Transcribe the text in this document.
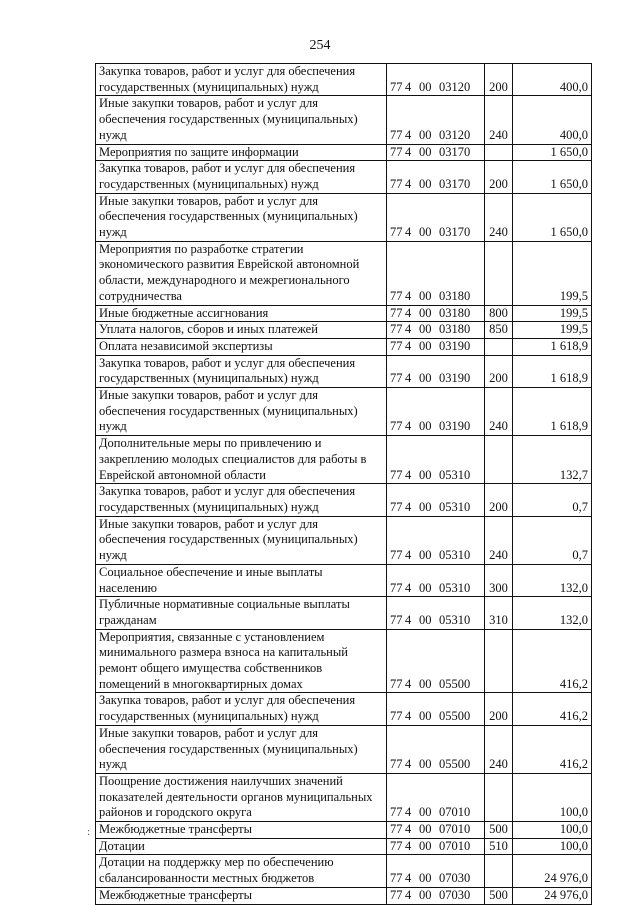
254
Закупка товаров, работ и услуг для обеспечения государственных (муниципальных) нужд	77 4 00 03120	200	400,0
Иные закупки товаров, работ и услуг для обеспечения государственных (муниципальных) нужд	77 4 00 03120	240	400,0
Мероприятия по защите информации	77 4 00 03170		1 650,0
Закупка товаров, работ и услуг для обеспечения государственных (муниципальных) нужд	77 4 00 03170	200	1 650,0
Иные закупки товаров, работ и услуг для обеспечения государственных (муниципальных) нужд	77 4 00 03170	240	1 650,0
Мероприятия по разработке стратегии экономического развития Еврейской автономной области, международного и межрегионального сотрудничества	77 4 00 03180		199,5
Иные бюджетные ассигнования	77 4 00 03180	800	199,5
Уплата налогов, сборов и иных платежей	77 4 00 03180	850	199,5
Оплата независимой экспертизы	77 4 00 03190		1 618,9
Закупка товаров, работ и услуг для обеспечения государственных (муниципальных) нужд	77 4 00 03190	200	1 618,9
Иные закупки товаров, работ и услуг для обеспечения государственных (муниципальных) нужд	77 4 00 03190	240	1 618,9
Дополнительные меры по привлечению и закреплению молодых специалистов для работы в Еврейской автономной области	77 4 00 05310		132,7
Закупка товаров, работ и услуг для обеспечения государственных (муниципальных) нужд	77 4 00 05310	200	0,7
Иные закупки товаров, работ и услуг для обеспечения государственных (муниципальных) нужд	77 4 00 05310	240	0,7
Социальное обеспечение и иные выплаты населению	77 4 00 05310	300	132,0
Публичные нормативные социальные выплаты гражданам	77 4 00 05310	310	132,0
Мероприятия, связанные с установлением минимального размера взноса на капитальный ремонт общего имущества собственников помещений в многоквартирных домах	77 4 00 05500		416,2
Закупка товаров, работ и услуг для обеспечения государственных (муниципальных) нужд	77 4 00 05500	200	416,2
Иные закупки товаров, работ и услуг для обеспечения государственных (муниципальных) нужд	77 4 00 05500	240	416,2
Поощрение достижения наилучших значений показателей деятельности органов муниципальных районов и городского округа	77 4 00 07010		100,0
Межбюджетные трансферты	77 4 00 07010	500	100,0
Дотации	77 4 00 07010	510	100,0
Дотации на поддержку мер по обеспечению сбалансированности местных бюджетов	77 4 00 07030		24 976,0
Межбюджетные трансферты	77 4 00 07030	500	24 976,0
:
